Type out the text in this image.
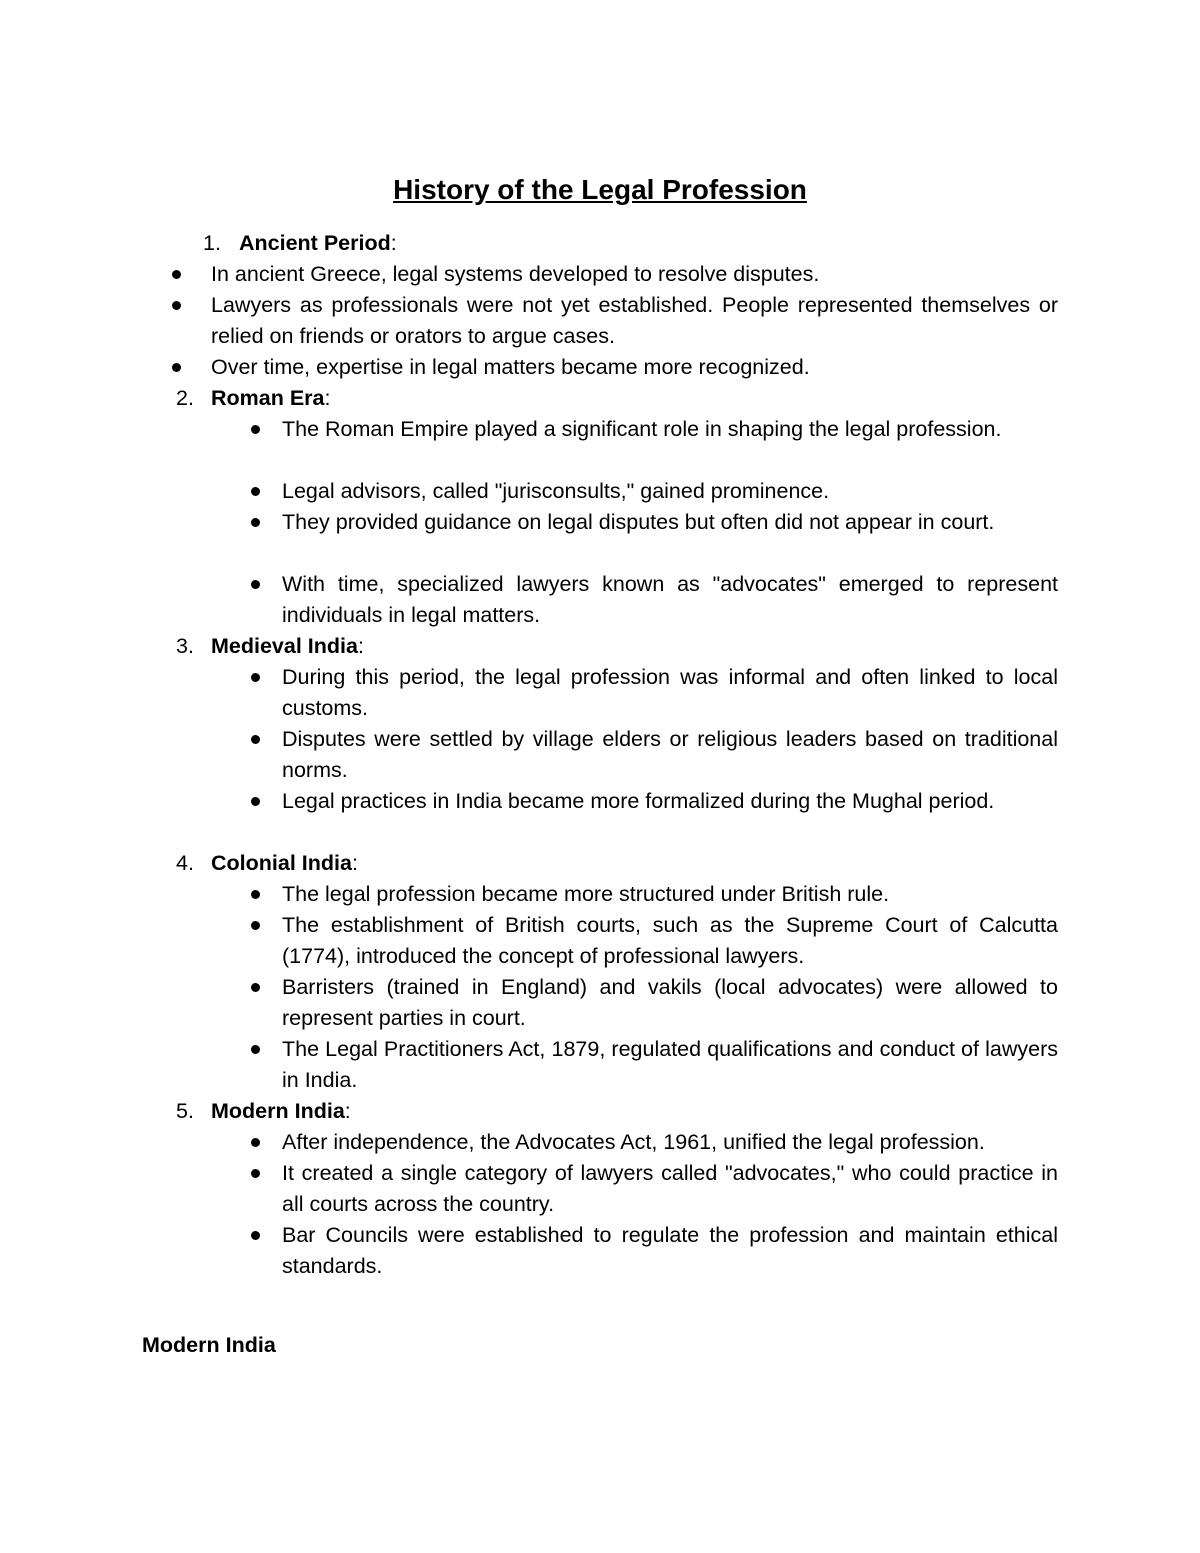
History of the Legal Profession
1. Ancient Period:
In ancient Greece, legal systems developed to resolve disputes.
Lawyers as professionals were not yet established. People represented themselves or relied on friends or orators to argue cases.
Over time, expertise in legal matters became more recognized.
2. Roman Era:
The Roman Empire played a significant role in shaping the legal profession.
Legal advisors, called "jurisconsults," gained prominence.
They provided guidance on legal disputes but often did not appear in court.
With time, specialized lawyers known as "advocates" emerged to represent individuals in legal matters.
3. Medieval India:
During this period, the legal profession was informal and often linked to local customs.
Disputes were settled by village elders or religious leaders based on traditional norms.
Legal practices in India became more formalized during the Mughal period.
4. Colonial India:
The legal profession became more structured under British rule.
The establishment of British courts, such as the Supreme Court of Calcutta (1774), introduced the concept of professional lawyers.
Barristers (trained in England) and vakils (local advocates) were allowed to represent parties in court.
The Legal Practitioners Act, 1879, regulated qualifications and conduct of lawyers in India.
5. Modern India:
After independence, the Advocates Act, 1961, unified the legal profession.
It created a single category of lawyers called "advocates," who could practice in all courts across the country.
Bar Councils were established to regulate the profession and maintain ethical standards.
Modern India
